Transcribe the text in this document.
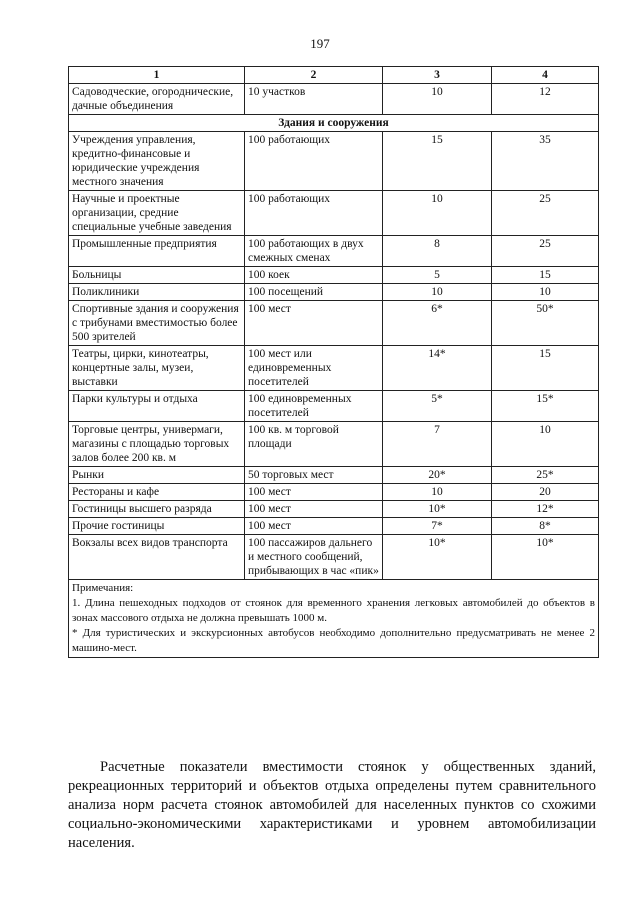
197
1	2	3	4
Садоводческие, огороднические, дачные объединения	10 участков	10	12
Здания и сооружения			
Учреждения управления, кредитно-финансовые и юридические учреждения местного значения	100 работающих	15	35
Научные и проектные организации, средние специальные учебные заведения	100 работающих	10	25
Промышленные предприятия	100 работающих в двух смежных сменах	8	25
Больницы	100 коек	5	15
Поликлиники	100 посещений	10	10
Спортивные здания и сооружения с трибунами вместимостью более 500 зрителей	100 мест	6*	50*
Театры, цирки, кинотеатры, концертные залы, музеи, выставки	100 мест или единовременных посетителей	14*	15
Парки культуры и отдыха	100 единовременных посетителей	5*	15*
Торговые центры, универмаги, магазины с площадью торговых залов более 200 кв. м	100 кв. м торговой площади	7	10
Рынки	50 торговых мест	20*	25*
Рестораны и кафе	100 мест	10	20
Гостиницы высшего разряда	100 мест	10*	12*
Прочие гостиницы	100 мест	7*	8*
Вокзалы всех видов транспорта	100 пассажиров дальнего и местного сообщений, прибывающих в час «пик»	10*	10*

Примечания:
1. Длина пешеходных подходов от стоянок для временного хранения легковых автомобилей до объектов в зонах массового отдыха не должна превышать 1000 м.
* Для туристических и экскурсионных автобусов необходимо дополнительно предусматривать не менее 2 машино-мест.			

Расчетные показатели вместимости стоянок у общественных зданий, рекреационных территорий и объектов отдыха определены путем сравнительного анализа норм расчета стоянок автомобилей для населенных пунктов со схожими социально-экономическими характеристиками и уровнем автомобилизации населения.
